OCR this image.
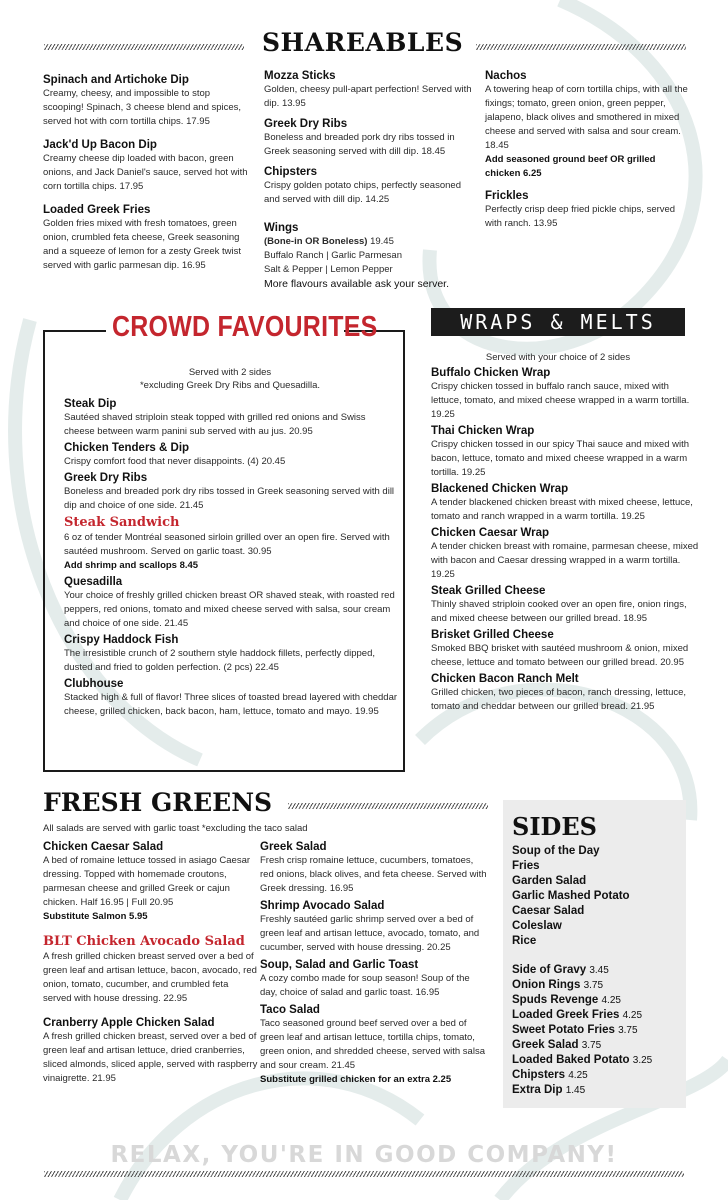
SHAREABLES
Spinach and Artichoke Dip
Creamy, cheesy, and impossible to stop scooping! Spinach, 3 cheese blend and spices, served hot with corn tortilla chips. 17.95
Jack'd Up Bacon Dip
Creamy cheese dip loaded with bacon, green onions, and Jack Daniel's sauce, served hot with corn tortilla chips. 17.95
Loaded Greek Fries
Golden fries mixed with fresh tomatoes, green onion, crumbled feta cheese, Greek seasoning and a squeeze of lemon for a zesty Greek twist served with garlic parmesan dip. 16.95
Mozza Sticks
Golden, cheesy pull-apart perfection! Served with dip. 13.95
Greek Dry Ribs
Boneless and breaded pork dry ribs tossed in Greek seasoning served with dill dip. 18.45
Chipsters
Crispy golden potato chips, perfectly seasoned and served with dill dip. 14.25
Nachos
A towering heap of corn tortilla chips, with all the fixings; tomato, green onion, green pepper, jalapeno, black olives and smothered in mixed cheese and served with salsa and sour cream. 18.45
Add seasoned ground beef OR grilled chicken 6.25
Frickles
Perfectly crisp deep fried pickle chips, served with ranch. 13.95
Wings
(Bone-in OR Boneless) 19.45
Buffalo Ranch | Garlic Parmesan
Salt & Pepper | Lemon Pepper
More flavours available ask your server.
CROWD FAVOURITES
Served with 2 sides
*excluding Greek Dry Ribs and Quesadilla.
Steak Dip
Sautéed shaved striploin steak topped with grilled red onions and Swiss cheese between warm panini sub served with au jus. 20.95
Chicken Tenders & Dip
Crispy comfort food that never disappoints. (4) 20.45
Greek Dry Ribs
Boneless and breaded pork dry ribs tossed in Greek seasoning served with dill dip and choice of one side. 21.45
Steak Sandwich
6 oz of tender Montréal seasoned sirloin grilled over an open fire. Served with sautéed mushroom. Served on garlic toast. 30.95
Add shrimp and scallops 8.45
Quesadilla
Your choice of freshly grilled chicken breast OR shaved steak, with roasted red peppers, red onions, tomato and mixed cheese served with salsa, sour cream and choice of one side. 21.45
Crispy Haddock Fish
The irresistible crunch of 2 southern style haddock fillets, perfectly dipped, dusted and fried to golden perfection. (2 pcs) 22.45
Clubhouse
Stacked high & full of flavor! Three slices of toasted bread layered with cheddar cheese, grilled chicken, back bacon, ham, lettuce, tomato and mayo. 19.95
WRAPS & MELTS
Served with your choice of 2 sides
Buffalo Chicken Wrap
Crispy chicken tossed in buffalo ranch sauce, mixed with lettuce, tomato, and mixed cheese wrapped in a warm tortilla. 19.25
Thai Chicken Wrap
Crispy chicken tossed in our spicy Thai sauce and mixed with bacon, lettuce, tomato and mixed cheese wrapped in a warm tortilla. 19.25
Blackened Chicken Wrap
A tender blackened chicken breast with mixed cheese, lettuce, tomato and ranch wrapped in a warm tortilla. 19.25
Chicken Caesar Wrap
A tender chicken breast with romaine, parmesan cheese, mixed with bacon and Caesar dressing wrapped in a warm tortilla. 19.25
Steak Grilled Cheese
Thinly shaved striploin cooked over an open fire, onion rings, and mixed cheese between our grilled bread. 18.95
Brisket Grilled Cheese
Smoked BBQ brisket with sautéed mushroom & onion, mixed cheese, lettuce and tomato between our grilled bread. 20.95
Chicken Bacon Ranch Melt
Grilled chicken, two pieces of bacon, ranch dressing, lettuce, tomato and cheddar between our grilled bread. 21.95
FRESH GREENS
All salads are served with garlic toast *excluding the taco salad
Chicken Caesar Salad
A bed of romaine lettuce tossed in asiago Caesar dressing. Topped with homemade croutons, parmesan cheese and grilled Greek or cajun chicken. Half 16.95 | Full 20.95
Substitute Salmon 5.95
BLT Chicken Avocado Salad
A fresh grilled chicken breast served over a bed of green leaf and artisan lettuce, bacon, avocado, red onion, tomato, cucumber, and crumbled feta served with house dressing. 22.95
Cranberry Apple Chicken Salad
A fresh grilled chicken breast, served over a bed of green leaf and artisan lettuce, dried cranberries, sliced almonds, sliced apple, served with raspberry vinaigrette. 21.95
Greek Salad
Fresh crisp romaine lettuce, cucumbers, tomatoes, red onions, black olives, and feta cheese. Served with Greek dressing. 16.95
Shrimp Avocado Salad
Freshly sautéed garlic shrimp served over a bed of green leaf and artisan lettuce, avocado, tomato, and cucumber, served with house dressing. 20.25
Soup, Salad and Garlic Toast
A cozy combo made for soup season! Soup of the day, choice of salad and garlic toast. 16.95
Taco Salad
Taco seasoned ground beef served over a bed of green leaf and artisan lettuce, tortilla chips, tomato, green onion, and shredded cheese, served with salsa and sour cream. 21.45
Substitute grilled chicken for an extra 2.25
SIDES
Soup of the Day
Fries
Garden Salad
Garlic Mashed Potato
Caesar Salad
Coleslaw
Rice
Side of Gravy 3.45
Onion Rings 3.75
Spuds Revenge 4.25
Loaded Greek Fries 4.25
Sweet Potato Fries 3.75
Greek Salad 3.75
Loaded Baked Potato 3.25
Chipsters 4.25
Extra Dip 1.45
RELAX, YOU'RE IN GOOD COMPANY!
